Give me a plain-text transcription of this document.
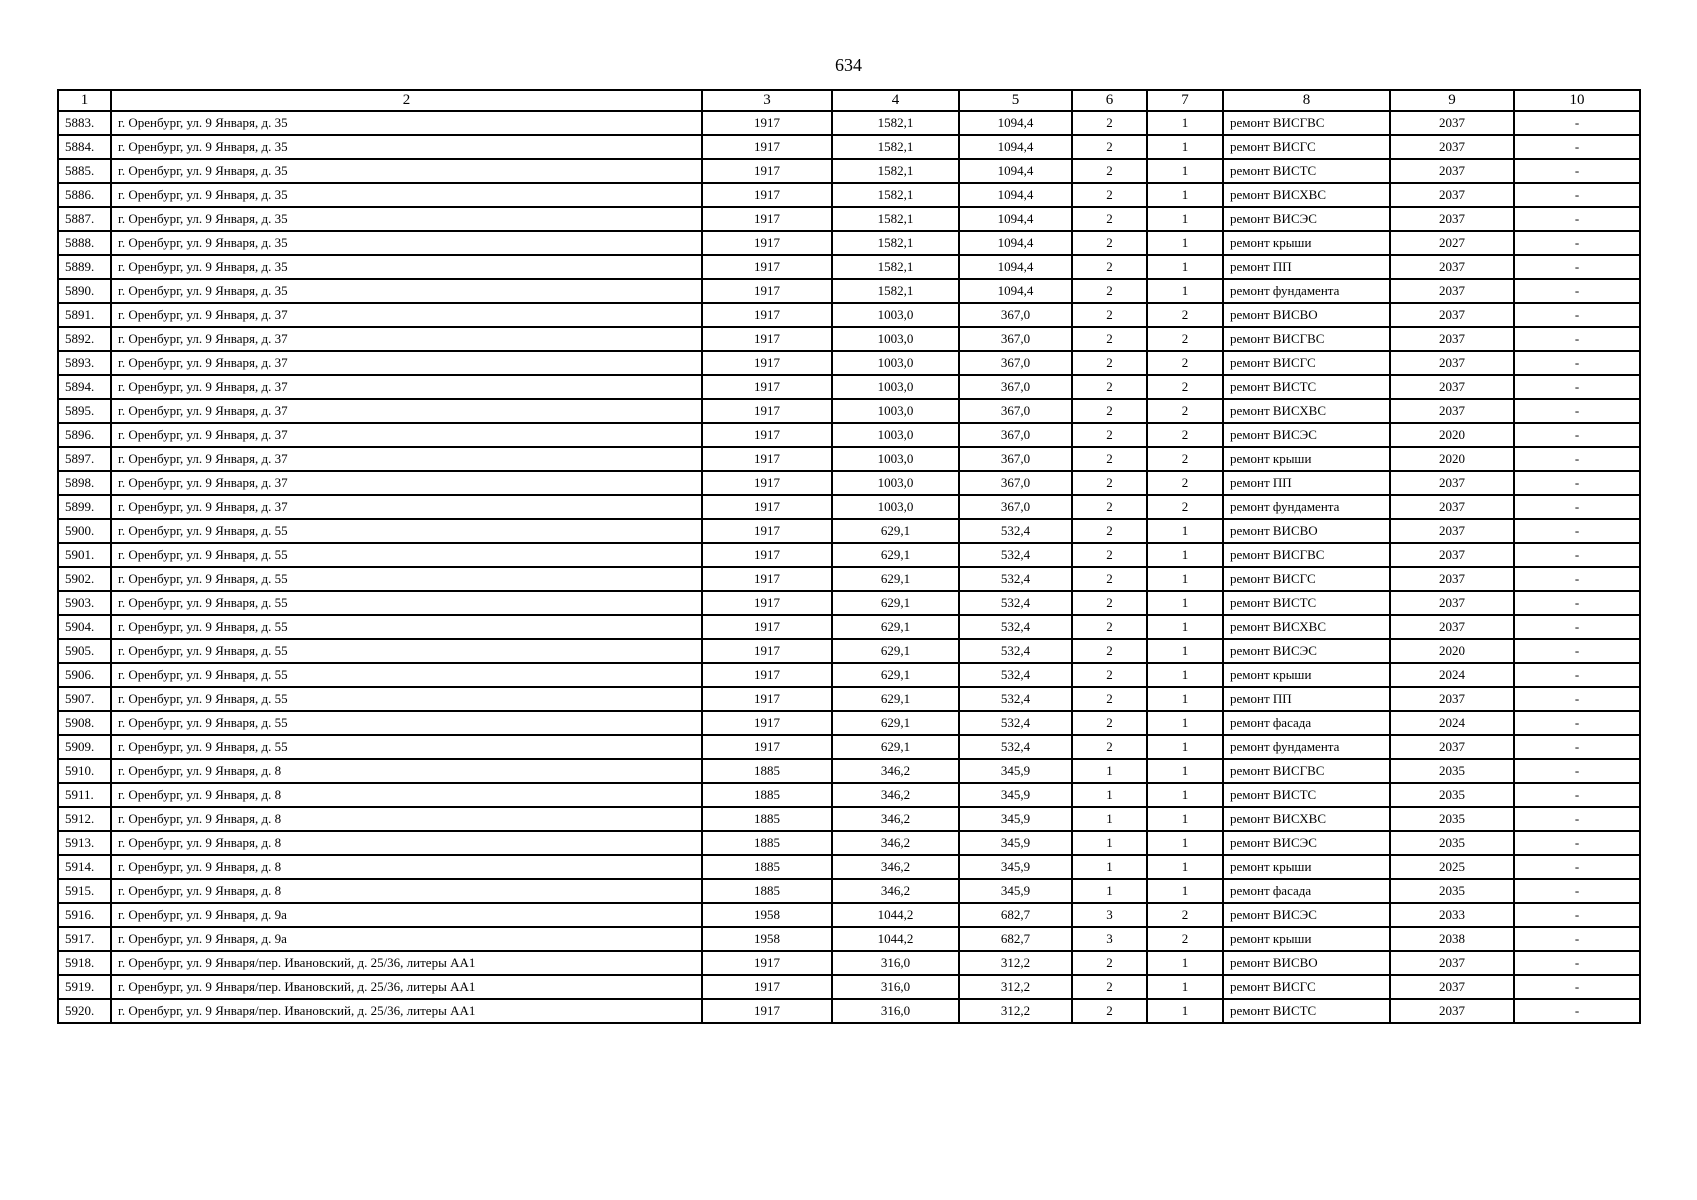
634
1	2	3	4	5	6	7	8	9	10
5883.	г. Оренбург, ул. 9 Января, д. 35	1917	1582,1	1094,4	2	1	ремонт ВИСГВС	2037	-
5884.	г. Оренбург, ул. 9 Января, д. 35	1917	1582,1	1094,4	2	1	ремонт ВИСГС	2037	-
5885.	г. Оренбург, ул. 9 Января, д. 35	1917	1582,1	1094,4	2	1	ремонт ВИСТС	2037	-
5886.	г. Оренбург, ул. 9 Января, д. 35	1917	1582,1	1094,4	2	1	ремонт ВИСХВС	2037	-
5887.	г. Оренбург, ул. 9 Января, д. 35	1917	1582,1	1094,4	2	1	ремонт ВИСЭС	2037	-
5888.	г. Оренбург, ул. 9 Января, д. 35	1917	1582,1	1094,4	2	1	ремонт крыши	2027	-
5889.	г. Оренбург, ул. 9 Января, д. 35	1917	1582,1	1094,4	2	1	ремонт ПП	2037	-
5890.	г. Оренбург, ул. 9 Января, д. 35	1917	1582,1	1094,4	2	1	ремонт фундамента	2037	-
5891.	г. Оренбург, ул. 9 Января, д. 37	1917	1003,0	367,0	2	2	ремонт ВИСВО	2037	-
5892.	г. Оренбург, ул. 9 Января, д. 37	1917	1003,0	367,0	2	2	ремонт ВИСГВС	2037	-
5893.	г. Оренбург, ул. 9 Января, д. 37	1917	1003,0	367,0	2	2	ремонт ВИСГС	2037	-
5894.	г. Оренбург, ул. 9 Января, д. 37	1917	1003,0	367,0	2	2	ремонт ВИСТС	2037	-
5895.	г. Оренбург, ул. 9 Января, д. 37	1917	1003,0	367,0	2	2	ремонт ВИСХВС	2037	-
5896.	г. Оренбург, ул. 9 Января, д. 37	1917	1003,0	367,0	2	2	ремонт ВИСЭС	2020	-
5897.	г. Оренбург, ул. 9 Января, д. 37	1917	1003,0	367,0	2	2	ремонт крыши	2020	-
5898.	г. Оренбург, ул. 9 Января, д. 37	1917	1003,0	367,0	2	2	ремонт ПП	2037	-
5899.	г. Оренбург, ул. 9 Января, д. 37	1917	1003,0	367,0	2	2	ремонт фундамента	2037	-
5900.	г. Оренбург, ул. 9 Января, д. 55	1917	629,1	532,4	2	1	ремонт ВИСВО	2037	-
5901.	г. Оренбург, ул. 9 Января, д. 55	1917	629,1	532,4	2	1	ремонт ВИСГВС	2037	-
5902.	г. Оренбург, ул. 9 Января, д. 55	1917	629,1	532,4	2	1	ремонт ВИСГС	2037	-
5903.	г. Оренбург, ул. 9 Января, д. 55	1917	629,1	532,4	2	1	ремонт ВИСТС	2037	-
5904.	г. Оренбург, ул. 9 Января, д. 55	1917	629,1	532,4	2	1	ремонт ВИСХВС	2037	-
5905.	г. Оренбург, ул. 9 Января, д. 55	1917	629,1	532,4	2	1	ремонт ВИСЭС	2020	-
5906.	г. Оренбург, ул. 9 Января, д. 55	1917	629,1	532,4	2	1	ремонт крыши	2024	-
5907.	г. Оренбург, ул. 9 Января, д. 55	1917	629,1	532,4	2	1	ремонт ПП	2037	-
5908.	г. Оренбург, ул. 9 Января, д. 55	1917	629,1	532,4	2	1	ремонт фасада	2024	-
5909.	г. Оренбург, ул. 9 Января, д. 55	1917	629,1	532,4	2	1	ремонт фундамента	2037	-
5910.	г. Оренбург, ул. 9 Января, д. 8	1885	346,2	345,9	1	1	ремонт ВИСГВС	2035	-
5911.	г. Оренбург, ул. 9 Января, д. 8	1885	346,2	345,9	1	1	ремонт ВИСТС	2035	-
5912.	г. Оренбург, ул. 9 Января, д. 8	1885	346,2	345,9	1	1	ремонт ВИСХВС	2035	-
5913.	г. Оренбург, ул. 9 Января, д. 8	1885	346,2	345,9	1	1	ремонт ВИСЭС	2035	-
5914.	г. Оренбург, ул. 9 Января, д. 8	1885	346,2	345,9	1	1	ремонт крыши	2025	-
5915.	г. Оренбург, ул. 9 Января, д. 8	1885	346,2	345,9	1	1	ремонт фасада	2035	-
5916.	г. Оренбург, ул. 9 Января, д. 9а	1958	1044,2	682,7	3	2	ремонт ВИСЭС	2033	-
5917.	г. Оренбург, ул. 9 Января, д. 9а	1958	1044,2	682,7	3	2	ремонт крыши	2038	-
5918.	г. Оренбург, ул. 9 Января/пер. Ивановский, д. 25/36, литеры АА1	1917	316,0	312,2	2	1	ремонт ВИСВО	2037	-
5919.	г. Оренбург, ул. 9 Января/пер. Ивановский, д. 25/36, литеры АА1	1917	316,0	312,2	2	1	ремонт ВИСГС	2037	-
5920.	г. Оренбург, ул. 9 Января/пер. Ивановский, д. 25/36, литеры АА1	1917	316,0	312,2	2	1	ремонт ВИСТС	2037	-
